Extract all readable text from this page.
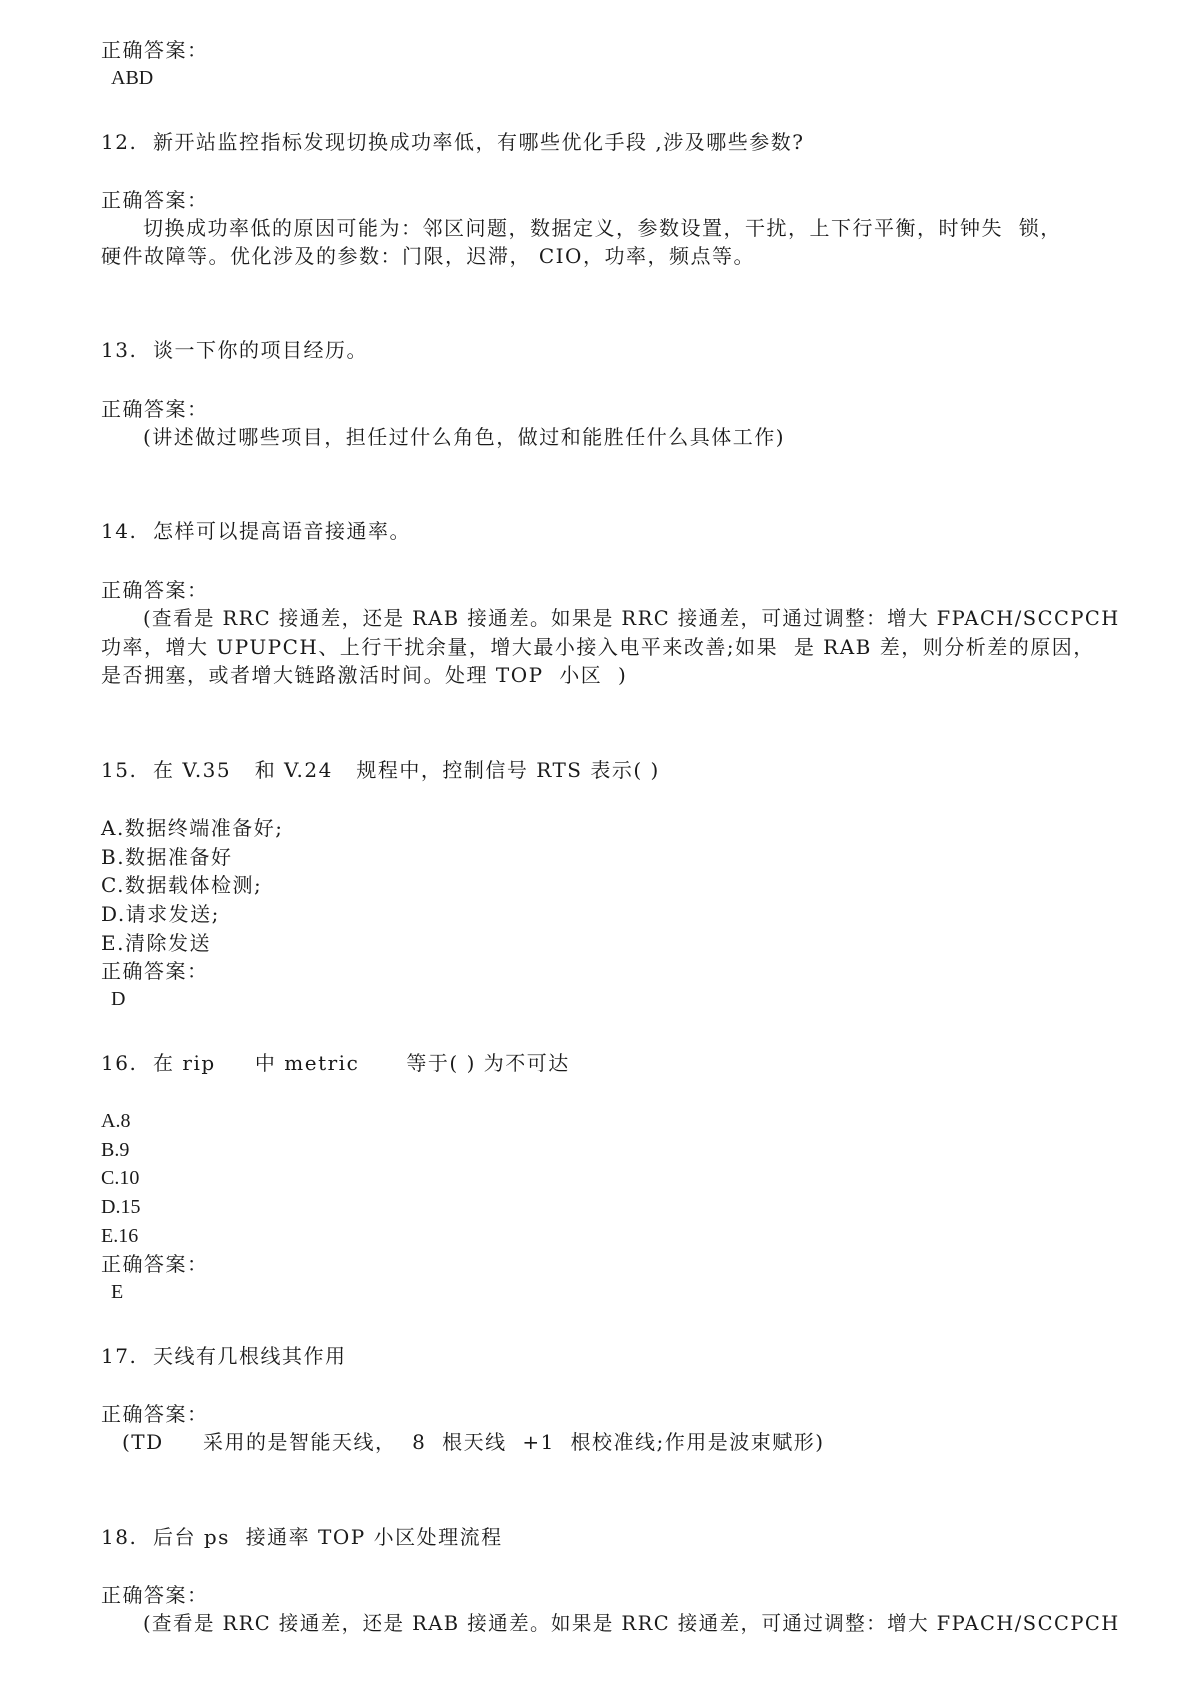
正确答案：

ABD

12.  新开站监控指标发现切换成功率低，有哪些优化手段 ,涉及哪些参数?

正确答案：

切换成功率低的原因可能为：邻区问题，数据定义，参数设置，干扰，上下行平衡，时钟失  锁，

硬件故障等。优化涉及的参数：门限，迟滞， CIO，功率，频点等。

13.  谈一下你的项目经历。

正确答案：

(讲述做过哪些项目，担任过什么角色，做过和能胜任什么具体工作)

14.  怎样可以提高语音接通率。

正确答案：

(查看是 RRC 接通差，还是 RAB 接通差。如果是 RRC 接通差，可通过调整：增大 FPACH/SCCPCH

功率，增大 UPUPCH、上行干扰余量，增大最小接入电平来改善;如果  是 RAB 差，则分析差的原因，

是否拥塞，或者增大链路激活时间。处理 TOP  小区  )

15.  在 V.35   和 V.24   规程中，控制信号 RTS 表示( )

A.数据终端准备好;

B.数据准备好

C.数据载体检测;

D.请求发送;

E.清除发送

正确答案：

D

16.  在 rip     中 metric      等于( ) 为不可达

A.8

B.9

C.10

D.15

E.16

正确答案：

E

17.  天线有几根线其作用

正确答案：

(TD     采用的是智能天线，  8  根天线  +1  根校准线;作用是波束赋形)

18.  后台 ps  接通率 TOP 小区处理流程

正确答案：

(查看是 RRC 接通差，还是 RAB 接通差。如果是 RRC 接通差，可通过调整：增大 FPACH/SCCPCH
